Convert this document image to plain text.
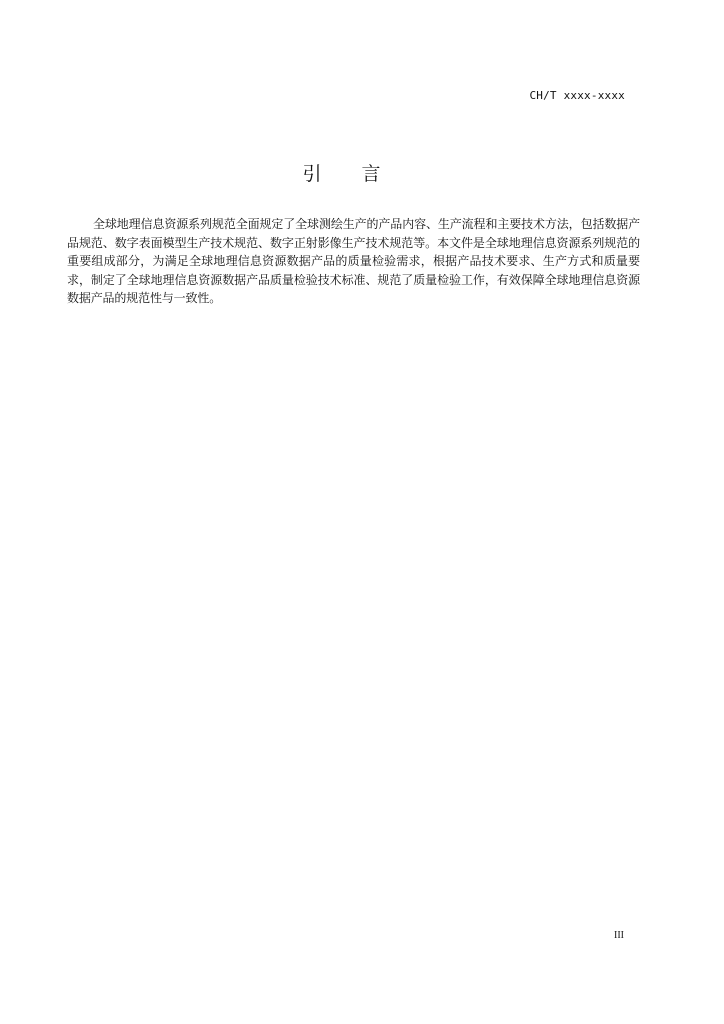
CH/T xxxx-xxxx
引 言

全球地理信息资源系列规范全面规定了全球测绘生产的产品内容、生产流程和主要技术方法，包括数据产品规范、数字表面模型生产技术规范、数字正射影像生产技术规范等。本文件是全球地理信息资源系列规范的重要组成部分，为满足全球地理信息资源数据产品的质量检验需求，根据产品技术要求、生产方式和质量要求，制定了全球地理信息资源数据产品质量检验技术标准、规范了质量检验工作，有效保障全球地理信息资源数据产品的规范性与一致性。

III
